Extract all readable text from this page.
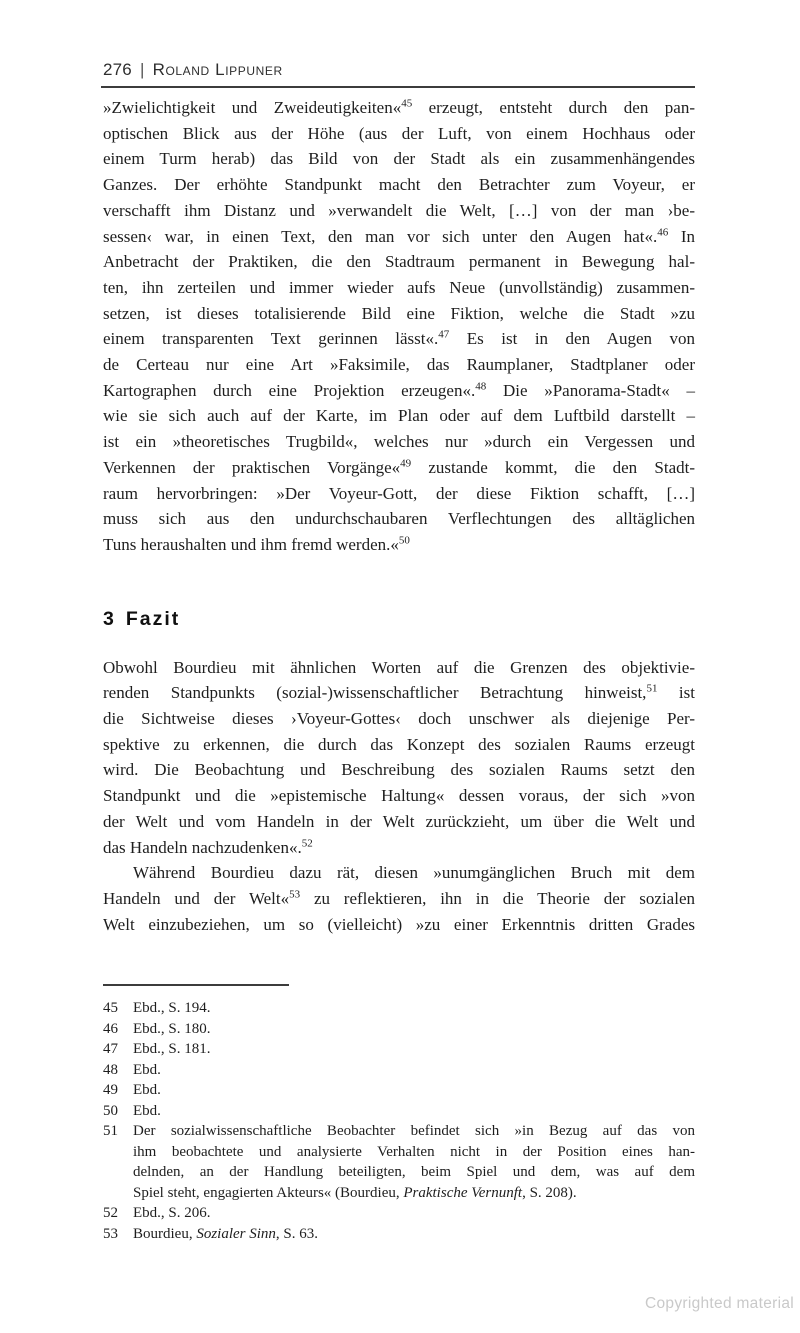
276 | Roland Lippuner
»Zwielichtigkeit und Zweideutigkeiten«$^{45}$ erzeugt, entsteht durch den pan-
optischen Blick aus der Höhe (aus der Luft, von einem Hochhaus oder
einem Turm herab) das Bild von der Stadt als ein zusammenhängendes
Ganzes. Der erhöhte Standpunkt macht den Betrachter zum Voyeur, er
verschafft ihm Distanz und »verwandelt die Welt, […] von der man ›be-
sessen‹ war, in einen Text, den man vor sich unter den Augen hat«.$^{46}$ In
Anbetracht der Praktiken, die den Stadtraum permanent in Bewegung hal-
ten, ihn zerteilen und immer wieder aufs Neue (unvollständig) zusammen-
setzen, ist dieses totalisierende Bild eine Fiktion, welche die Stadt »zu
einem transparenten Text gerinnen lässt«.$^{47}$ Es ist in den Augen von
de Certeau nur eine Art »Faksimile, das Raumplaner, Stadtplaner oder
Kartographen durch eine Projektion erzeugen«.$^{48}$ Die »Panorama-Stadt« –
wie sie sich auch auf der Karte, im Plan oder auf dem Luftbild darstellt –
ist ein »theoretisches Trugbild«, welches nur »durch ein Vergessen und
Verkennen der praktischen Vorgänge«$^{49}$ zustande kommt, die den Stadt-
raum hervorbringen: »Der Voyeur-Gott, der diese Fiktion schafft, […]
muss sich aus den undurchschaubaren Verflechtungen des alltäglichen
Tuns heraushalten und ihm fremd werden.«$^{50}$
3 Fazit
Obwohl Bourdieu mit ähnlichen Worten auf die Grenzen des objektivie-
renden Standpunkts (sozial-)wissenschaftlicher Betrachtung hinweist,$^{51}$ ist
die Sichtweise dieses ›Voyeur-Gottes‹ doch unschwer als diejenige Per-
spektive zu erkennen, die durch das Konzept des sozialen Raums erzeugt
wird. Die Beobachtung und Beschreibung des sozialen Raums setzt den
Standpunkt und die »epistemische Haltung« dessen voraus, der sich »von
der Welt und vom Handeln in der Welt zurückzieht, um über die Welt und
das Handeln nachzudenken«.$^{52}$
Während Bourdieu dazu rät, diesen »unumgänglichen Bruch mit dem
Handeln und der Welt«$^{53}$ zu reflektieren, ihn in die Theorie der sozialen
Welt einzubeziehen, um so (vielleicht) »zu einer Erkenntnis dritten Grades
45	Ebd., S. 194.
46	Ebd., S. 180.
47	Ebd., S. 181.
48	Ebd.
49	Ebd.
50	Ebd.
51	Der sozialwissenschaftliche Beobachter befindet sich »in Bezug auf das von
ihm beobachtete und analysierte Verhalten nicht in der Position eines han-
delnden, an der Handlung beteiligten, beim Spiel und dem, was auf dem
Spiel steht, engagierten Akteurs« (Bourdieu, Praktische Vernunft, S. 208).
52	Ebd., S. 206.
53	Bourdieu, Sozialer Sinn, S. 63.
Copyrighted material
